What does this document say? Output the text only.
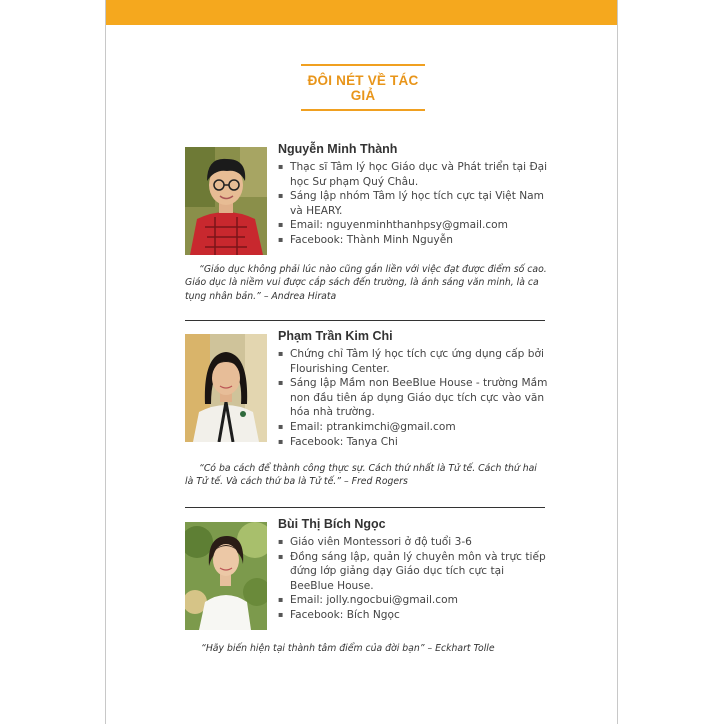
ĐÔI NÉT VỀ TÁC GIẢ
Nguyễn Minh Thành
▪ Thạc sĩ Tâm lý học Giáo dục và Phát triển tại Đại học Sư phạm Quý Châu.
▪ Sáng lập nhóm Tâm lý học tích cực tại Việt Nam và HEARY.
▪ Email: nguyenminhthanhpsy@gmail.com
▪ Facebook: Thành Minh Nguyễn
“Giáo dục không phải lúc nào cũng gắn liền với việc đạt được điểm số cao. Giáo dục là niềm vui được cắp sách đến trường, là ánh sáng văn minh, là ca tụng nhân bản.” – Andrea Hirata
Phạm Trần Kim Chi
▪ Chứng chỉ Tâm lý học tích cực ứng dụng cấp bởi Flourishing Center.
▪ Sáng lập Mầm non BeeBlue House - trường Mầm non đầu tiên áp dụng Giáo dục tích cực vào văn hóa nhà trường.
▪ Email: ptrankimchi@gmail.com
▪ Facebook: Tanya Chi
“Có ba cách để thành công thực sự. Cách thứ nhất là Tử tế. Cách thứ hai là Tử tế. Và cách thứ ba là Tử tế.” – Fred Rogers
Bùi Thị Bích Ngọc
▪ Giáo viên Montessori ở độ tuổi 3-6
▪ Đồng sáng lập, quản lý chuyên môn và trực tiếp đứng lớp giảng dạy Giáo dục tích cực tại BeeBlue House.
▪ Email: jolly.ngocbui@gmail.com
▪ Facebook: Bích Ngọc
“Hãy biến hiện tại thành tâm điểm của đời bạn” – Eckhart Tolle
